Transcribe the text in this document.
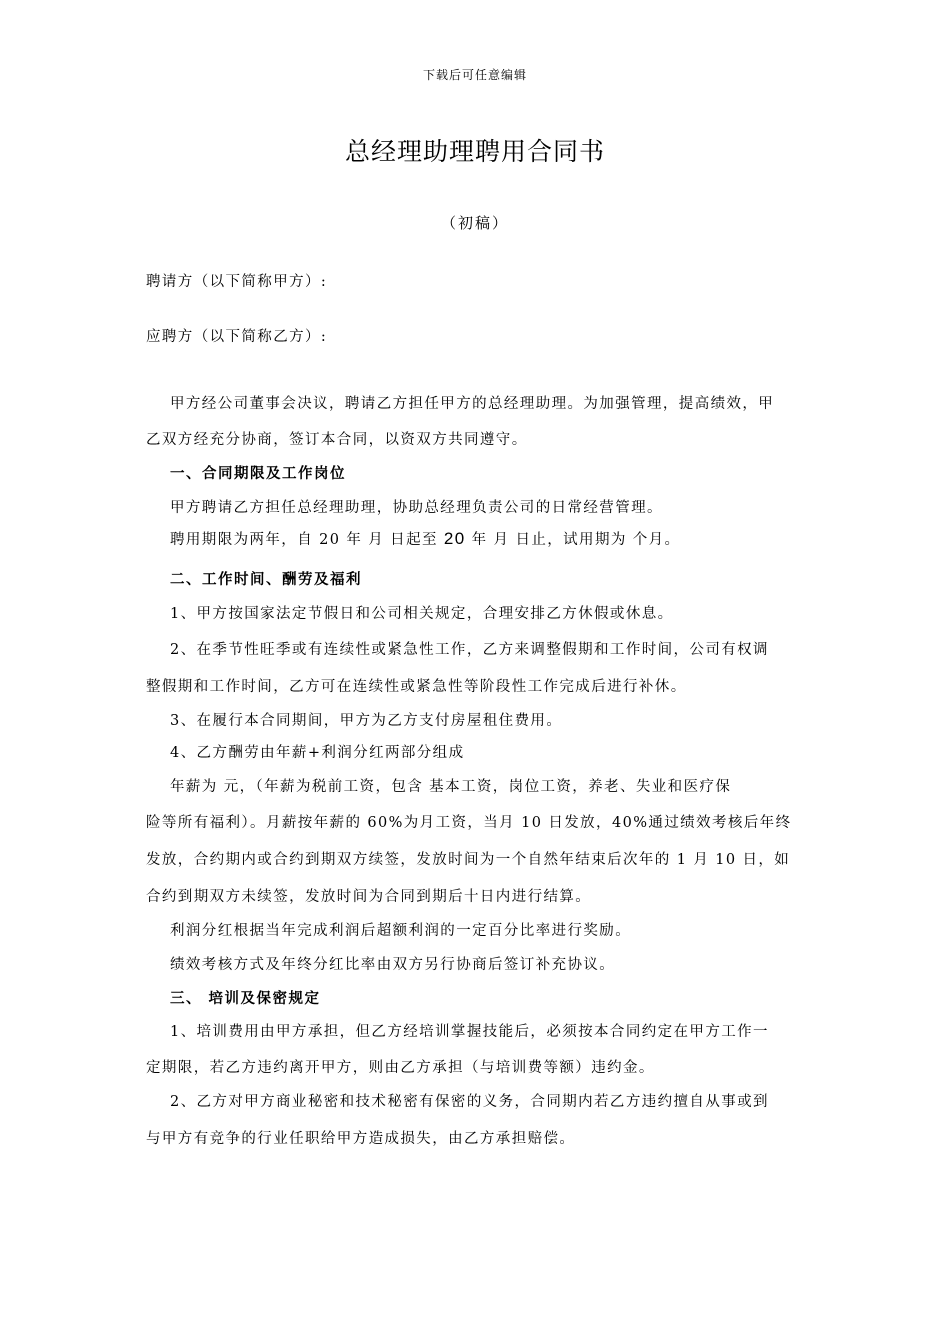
下载后可任意编辑
总经理助理聘用合同书
（初稿）
聘请方（以下简称甲方）:
应聘方（以下简称乙方）:
甲方经公司董事会决议，聘请乙方担任甲方的总经理助理。为加强管理，提高绩效，甲
乙双方经充分协商，签订本合同，以资双方共同遵守。
一、合同期限及工作岗位
甲方聘请乙方担任总经理助理，协助总经理负责公司的日常经营管理。
聘用期限为两年，自 20 年 月 日起至 20 年 月 日止，试用期为 个月。
二、工作时间、酬劳及福利
1、甲方按国家法定节假日和公司相关规定，合理安排乙方休假或休息。
2、在季节性旺季或有连续性或紧急性工作，乙方来调整假期和工作时间，公司有权调
整假期和工作时间，乙方可在连续性或紧急性等阶段性工作完成后进行补休。
3、在履行本合同期间，甲方为乙方支付房屋租住费用。
4、乙方酬劳由年薪+利润分红两部分组成
年薪为 元，（年薪为税前工资，包含 基本工资，岗位工资，养老、失业和医疗保
险等所有福利）。月薪按年薪的 60%为月工资，当月 10 日发放，40%通过绩效考核后年终
发放，合约期内或合约到期双方续签，发放时间为一个自然年结束后次年的 1 月 10 日，如
合约到期双方未续签，发放时间为合同到期后十日内进行结算。
利润分红根据当年完成利润后超额利润的一定百分比率进行奖励。
绩效考核方式及年终分红比率由双方另行协商后签订补充协议。
三、 培训及保密规定
1、培训费用由甲方承担，但乙方经培训掌握技能后，必须按本合同约定在甲方工作一
定期限，若乙方违约离开甲方，则由乙方承担（与培训费等额）违约金。
2、乙方对甲方商业秘密和技术秘密有保密的义务，合同期内若乙方违约擅自从事或到
与甲方有竞争的行业任职给甲方造成损失，由乙方承担赔偿。
